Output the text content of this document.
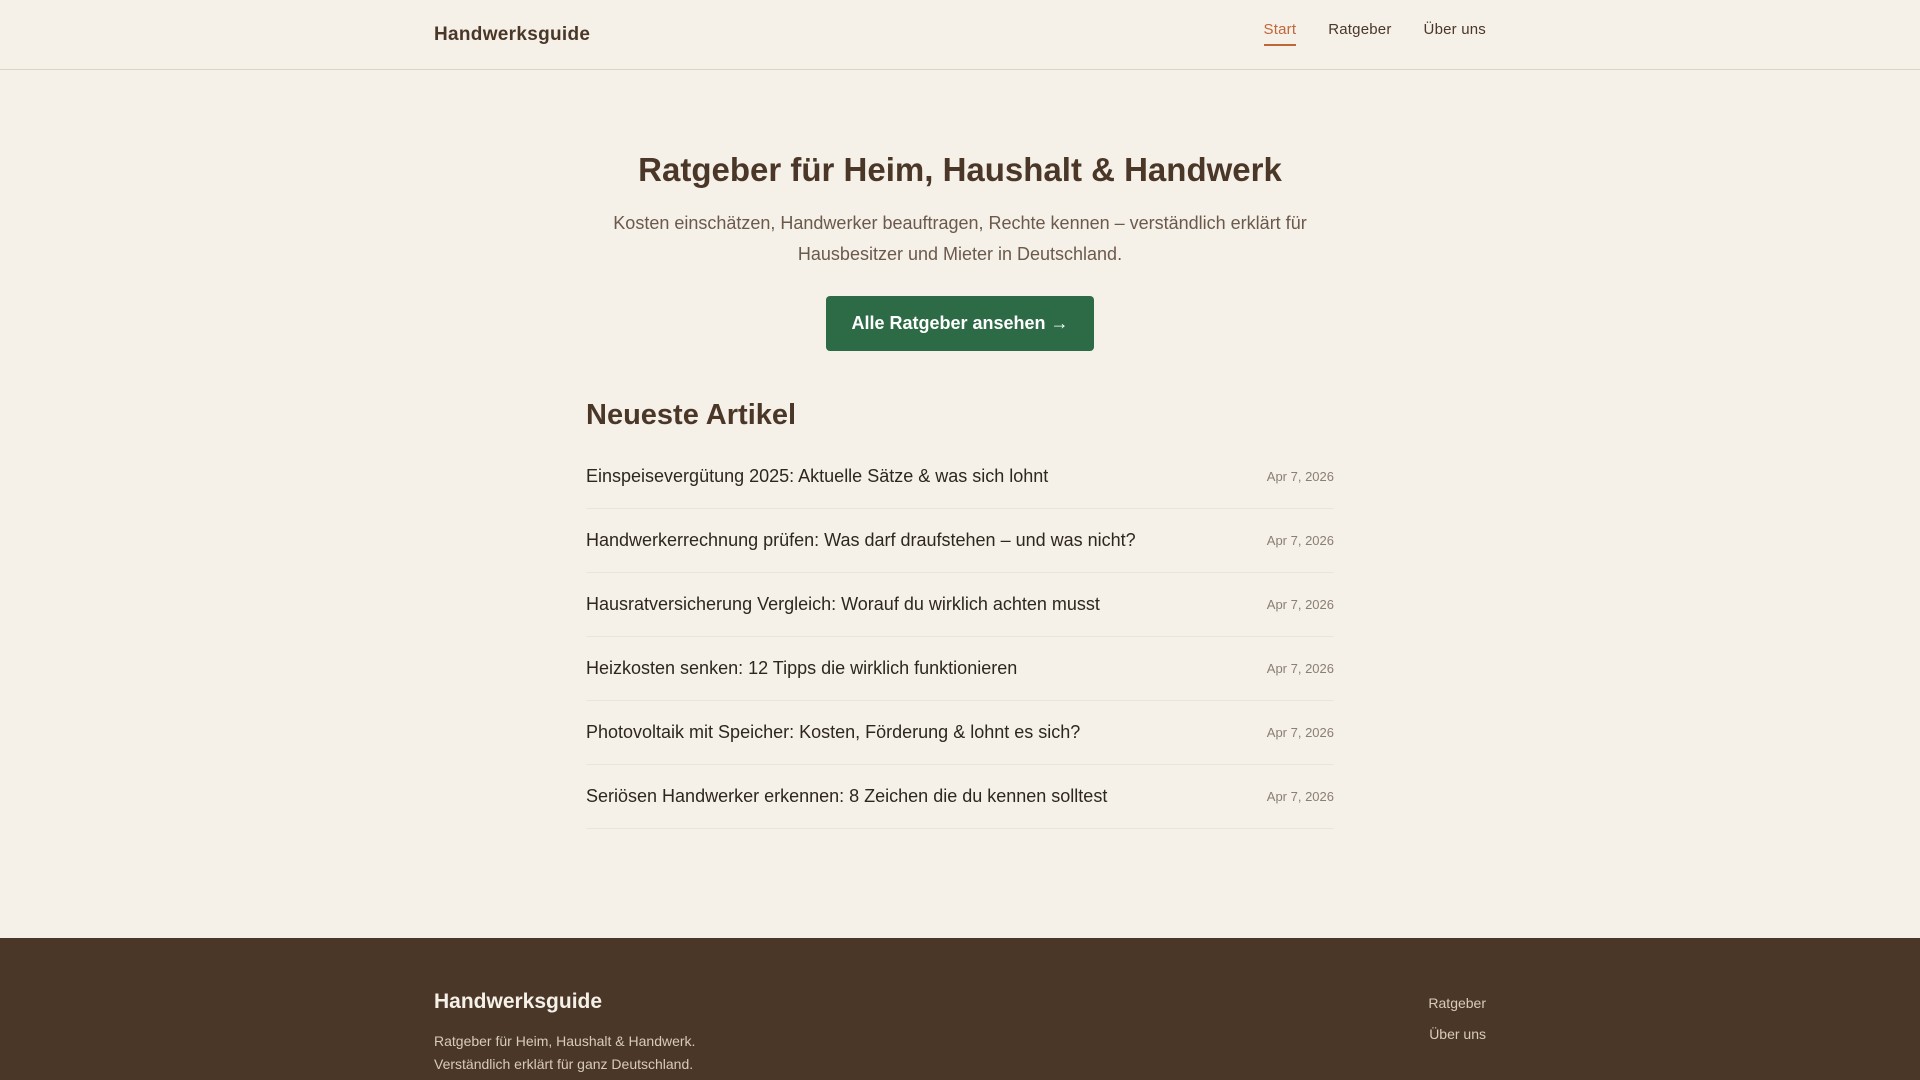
Handwerksguide	Start Ratgeber Über uns
Ratgeber für Heim, Haushalt & Handwerk

Kosten einschätzen, Handwerker beauftragen, Rechte kennen – verständlich erklärt für Hausbesitzer und Mieter in Deutschland.

Alle Ratgeber ansehen →
Neueste Artikel
Einspeisevergütung 2025: Aktuelle Sätze & was sich lohnt	Apr 7, 2026
Handwerkerrechnung prüfen: Was darf draufstehen – und was nicht?	Apr 7, 2026
Hausratversicherung Vergleich: Worauf du wirklich achten musst	Apr 7, 2026
Heizkosten senken: 12 Tipps die wirklich funktionieren	Apr 7, 2026
Photovoltaik mit Speicher: Kosten, Förderung & lohnt es sich?	Apr 7, 2026
Seriösen Handwerker erkennen: 8 Zeichen die du kennen solltest	Apr 7, 2026
Handwerksguide
Ratgeber für Heim, Haushalt & Handwerk.
Verständlich erklärt für ganz Deutschland.
Ratgeber
Über uns
